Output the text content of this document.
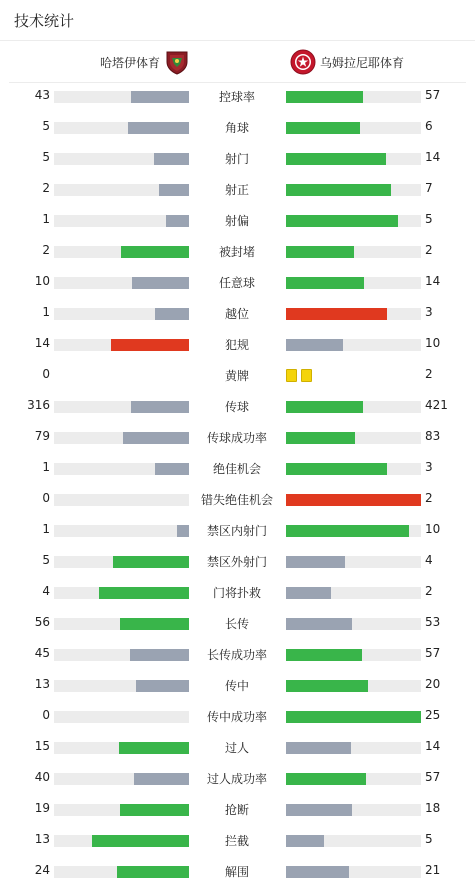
技术统计
哈塔伊体育	乌姆拉尼耶体育
43	控球率	57
5	角球	6
5	射门	14
2	射正	7
1	射偏	5
2	被封堵	2
10	任意球	14
1	越位	3
14	犯规	10
0	黄牌	2
316	传球	421
79	传球成功率	83
1	绝佳机会	3
0	错失绝佳机会	2
1	禁区内射门	10
5	禁区外射门	4
4	门将扑救	2
56	长传	53
45	长传成功率	57
13	传中	20
0	传中成功率	25
15	过人	14
40	过人成功率	57
19	抢断	18
13	拦截	5
24	解围	21
